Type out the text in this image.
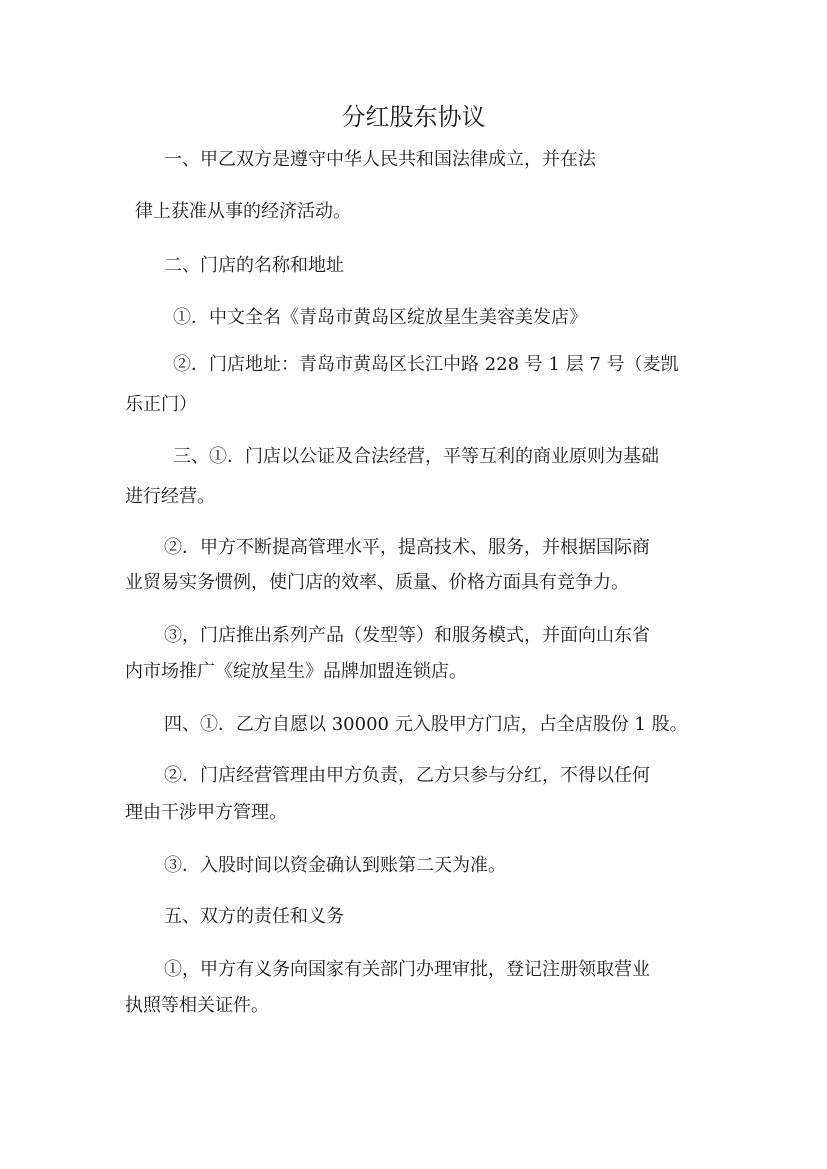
分红股东协议

一、甲乙双方是遵守中华人民共和国法律成立，并在法

律上获准从事的经济活动。

二、门店的名称和地址

①．中文全名《青岛市黄岛区绽放星生美容美发店》

②．门店地址：青岛市黄岛区长江中路 228 号 1 层 7 号（麦凯

乐正门）

三、①．门店以公证及合法经营，平等互利的商业原则为基础

进行经营。

②．甲方不断提高管理水平，提高技术、服务，并根据国际商

业贸易实务惯例，使门店的效率、质量、价格方面具有竞争力。

③，门店推出系列产品（发型等）和服务模式，并面向山东省

内市场推广《绽放星生》品牌加盟连锁店。

四、①．乙方自愿以 30000 元入股甲方门店，占全店股份 1 股。

②．门店经营管理由甲方负责，乙方只参与分红，不得以任何

理由干涉甲方管理。

③．入股时间以资金确认到账第二天为准。

五、双方的责任和义务

①，甲方有义务向国家有关部门办理审批，登记注册领取营业

执照等相关证件。
